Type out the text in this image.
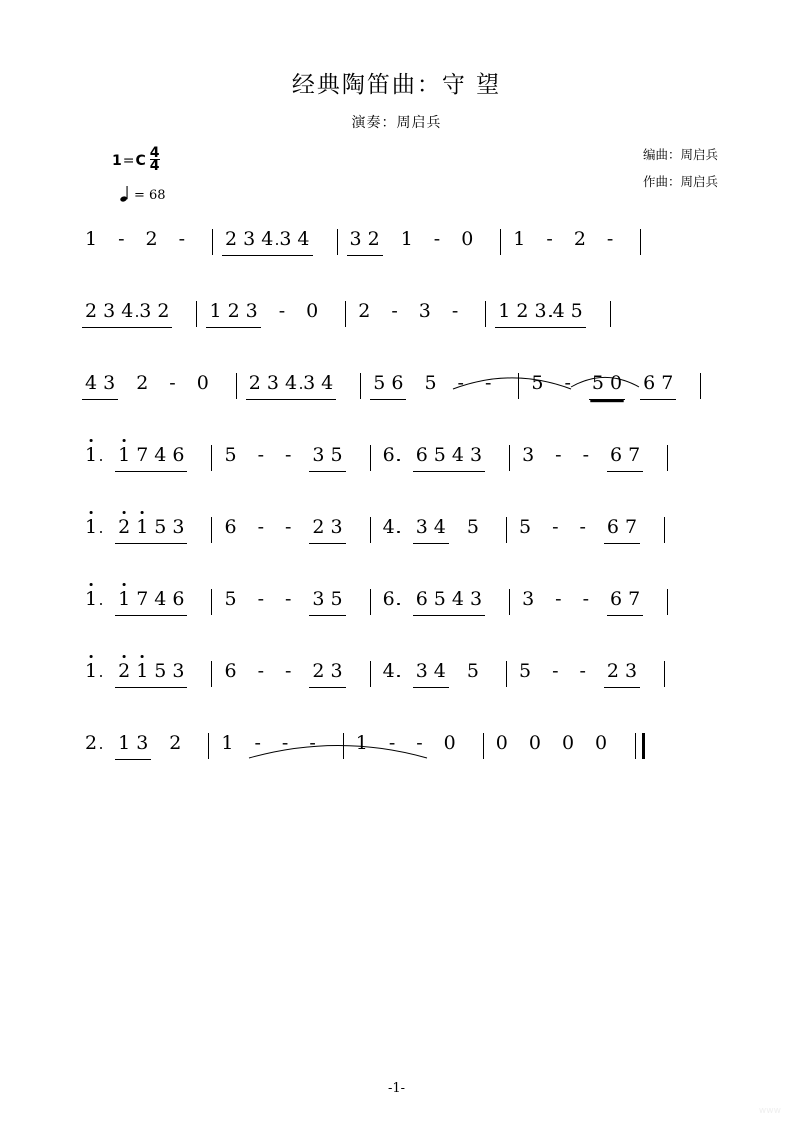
经典陶笛曲：守 望
演奏：周启兵
编曲：周启兵
作曲：周启兵
1 = C $\frac{4}{4}$
= 68
1 - 2 - 2 3 4 3 4 3 2 1 - 0 1 - 2 -
2 3 4 3 2 1 2 3 - 0 2 - 3 - 1 2 3 4 5
4 3 2 - 0 2 3 4 3 4 5 6 5 - - 5 - 5 0 6 7
1 1 7 4 6 5 - - 3 5 6 6 5 4 3 3 - - 6 7
1 2 1 5 3 6 - - 2 3 4 3 4 5 5 - - 6 7
1 1 7 4 6 5 - - 3 5 6 6 5 4 3 3 - - 6 7
1 2 1 5 3 6 - - 2 3 4 3 4 5 5 - - 2 3
2 1 3 2 1 - - - 1 - - 0 0 0 0 0
-1-
www
